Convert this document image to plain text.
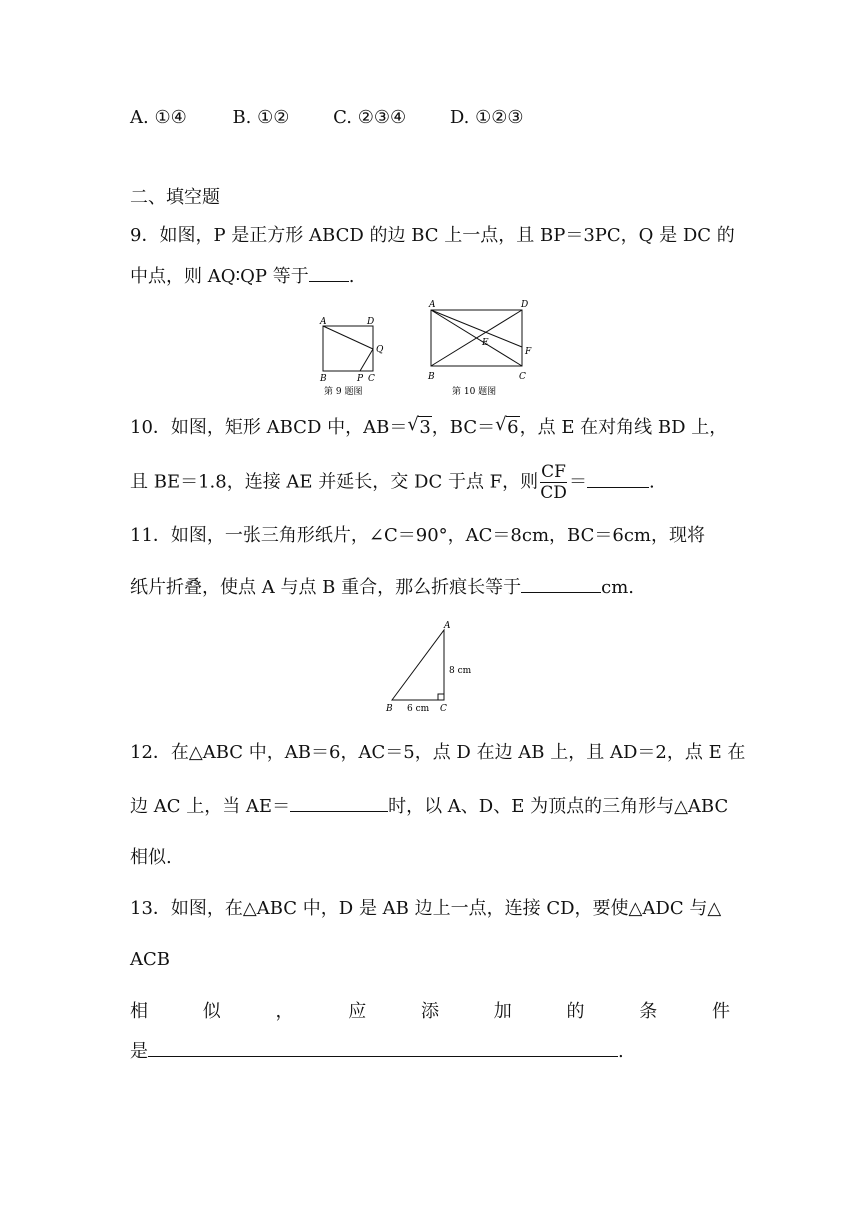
A. ①④	B. ①② C. ②③④ D. ①②③
二、填空题
9．如图，P 是正方形 ABCD 的边 BC 上一点，且 BP＝3PC，Q 是 DC 的
中点，则 AQ∶QP 等于 .
A	D
Q
B	P C
第 9 题图
A	D
E
F
B	C
第 10 题图
10．如图，矩形 ABCD 中，AB＝ √ 3，BC＝ √ 6，点 E 在对角线 BD 上，
且 BE＝1.8，连接 AE 并延长，交 DC 于点 F，则 $\frac{CF}{CD}$ ＝	.
11．如图，一张三角形纸片，∠C＝90°，AC＝8cm，BC＝6cm，现将
纸片折叠，使点 A 与点 B 重合，那么折痕长等于	cm.
A
B	C
8 cm
6 cm
12．在△ABC 中，AB＝6，AC＝5，点 D 在边 AB 上，且 AD＝2，点 E 在
边 AC 上，当 AE＝	时，以 A、D、E 为顶点的三角形与△ABC
相似.
13．如图，在△ABC 中，D 是 AB 边上一点，连接 CD，要使△ADC 与△
ACB
相	似	，	应	添	加	的	条	件
是	.
